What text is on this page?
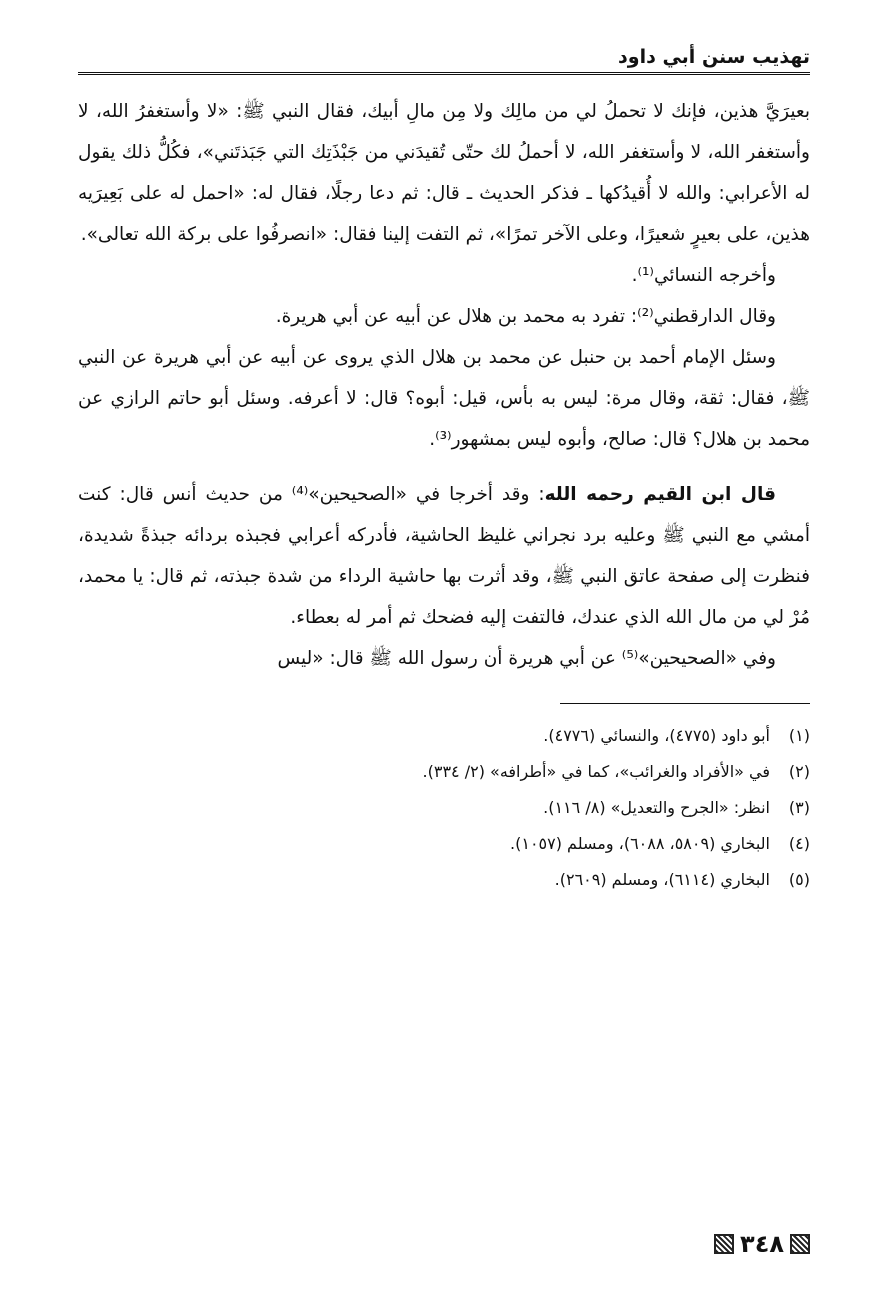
تهذيب سنن أبي داود

بعيرَيَّ هذين، فإنك لا تحملُ لي من مالِك ولا مِن مالِ أبيك، فقال النبي ﷺ: «لا وأستغفرُ الله، لا وأستغفر الله، لا وأستغفر الله، لا أحملُ لك حتّى تُقيدَني من جَبْذَتِك التي جَبَذتَني»، فكُلُّ ذلك يقول له الأعرابي: والله لا أُقيدُكها ـ فذكر الحديث ـ قال: ثم دعا رجلًا، فقال له: «احمل له على بَعِيرَيه هذين، على بعيرٍ شعيرًا، وعلى الآخر تمرًا»، ثم التفت إلينا فقال: «انصرفُوا على بركة الله تعالى».

وأخرجه النسائي⁽¹⁾.

وقال الدارقطني⁽²⁾: تفرد به محمد بن هلال عن أبيه عن أبي هريرة.

وسئل الإمام أحمد بن حنبل عن محمد بن هلال الذي يروى عن أبيه عن أبي هريرة عن النبي ﷺ، فقال: ثقة، وقال مرة: ليس به بأس، قيل: أبوه؟ قال: لا أعرفه. وسئل أبو حاتم الرازي عن محمد بن هلال؟ قال: صالح، وأبوه ليس بمشهور⁽³⁾.

قال ابن القيم رحمه الله: وقد أخرجا في «الصحيحين»⁽⁴⁾ من حديث أنس قال: كنت أمشي مع النبي ﷺ وعليه برد نجراني غليظ الحاشية، فأدركه أعرابي فجبذه بردائه جبذةً شديدة، فنظرت إلى صفحة عاتق النبي ﷺ، وقد أثرت بها حاشية الرداء من شدة جبذته، ثم قال: يا محمد، مُرْ لي من مال الله الذي عندك، فالتفت إليه فضحك ثم أمر له بعطاء.

وفي «الصحيحين»⁽⁵⁾ عن أبي هريرة أن رسول الله ﷺ قال: «ليس

(١)
أبو داود (٤٧٧٥)، والنسائي (٤٧٧٦).
(٢)
في «الأفراد والغرائب»، كما في «أطرافه» (٢/ ٣٣٤).
(٣)
انظر: «الجرح والتعديل» (٨/ ١١٦).
(٤)
البخاري (٥٨٠٩، ٦٠٨٨)، ومسلم (١٠٥٧).
(٥)
البخاري (٦١١٤)، ومسلم (٢٦٠٩).
٣٤٨
